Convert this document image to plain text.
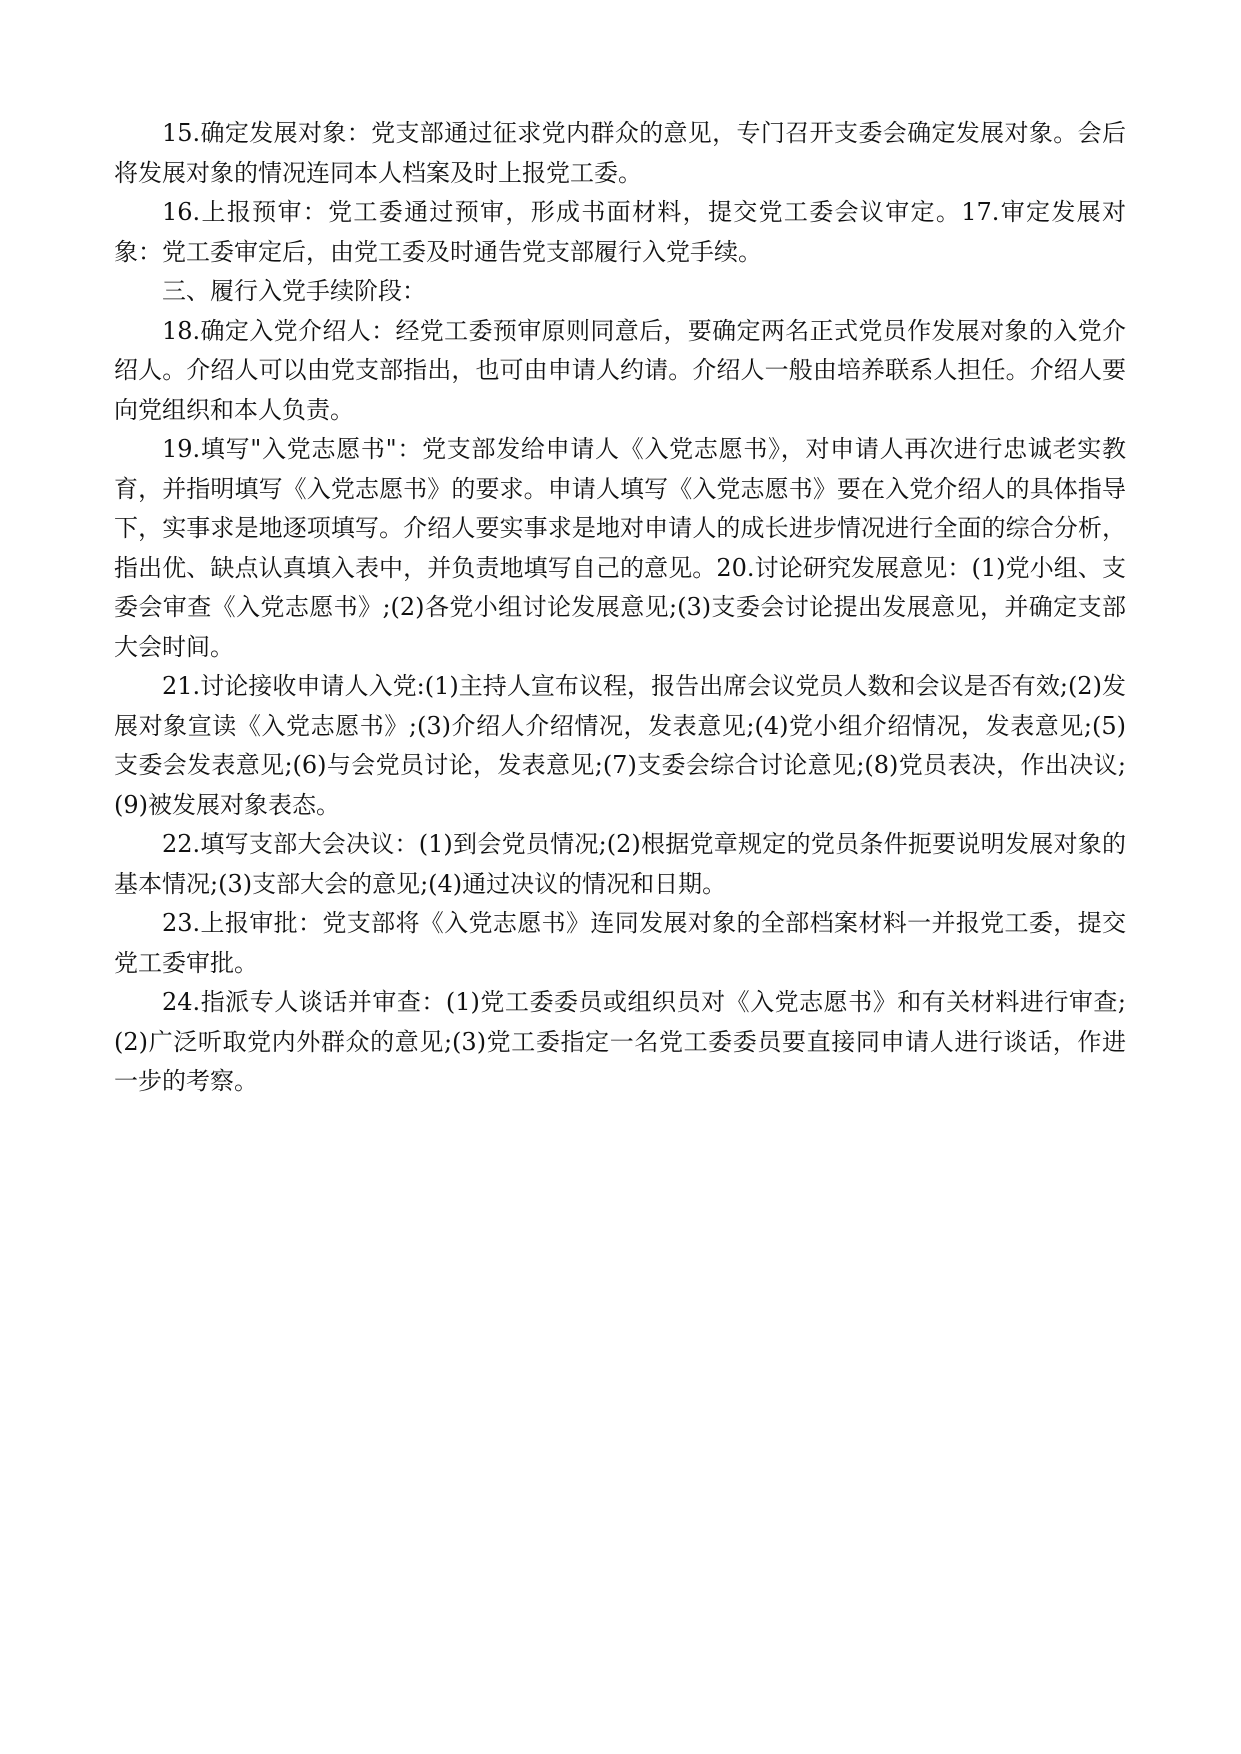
15.确定发展对象：党支部通过征求党内群众的意见，专门召开支委会确定发展对象。会后将发展对象的情况连同本人档案及时上报党工委。

16.上报预审：党工委通过预审，形成书面材料，提交党工委会议审定。17.审定发展对象：党工委审定后，由党工委及时通告党支部履行入党手续。

三、履行入党手续阶段：

18.确定入党介绍人：经党工委预审原则同意后，要确定两名正式党员作发展对象的入党介绍人。介绍人可以由党支部指出，也可由申请人约请。介绍人一般由培养联系人担任。介绍人要向党组织和本人负责。

19.填写"入党志愿书"：党支部发给申请人《入党志愿书》，对申请人再次进行忠诚老实教育，并指明填写《入党志愿书》的要求。申请人填写《入党志愿书》要在入党介绍人的具体指导下，实事求是地逐项填写。介绍人要实事求是地对申请人的成长进步情况进行全面的综合分析，指出优、缺点认真填入表中，并负责地填写自己的意见。20.讨论研究发展意见：(1)党小组、支委会审查《入党志愿书》;(2)各党小组讨论发展意见;(3)支委会讨论提出发展意见，并确定支部大会时间。

21.讨论接收申请人入党:(1)主持人宣布议程，报告出席会议党员人数和会议是否有效;(2)发展对象宣读《入党志愿书》;(3)介绍人介绍情况，发表意见;(4)党小组介绍情况，发表意见;(5)支委会发表意见;(6)与会党员讨论，发表意见;(7)支委会综合讨论意见;(8)党员表决，作出决议;(9)被发展对象表态。

22.填写支部大会决议：(1)到会党员情况;(2)根据党章规定的党员条件扼要说明发展对象的基本情况;(3)支部大会的意见;(4)通过决议的情况和日期。

23.上报审批：党支部将《入党志愿书》连同发展对象的全部档案材料一并报党工委，提交党工委审批。

24.指派专人谈话并审查：(1)党工委委员或组织员对《入党志愿书》和有关材料进行审查;(2)广泛听取党内外群众的意见;(3)党工委指定一名党工委委员要直接同申请人进行谈话，作进一步的考察。
